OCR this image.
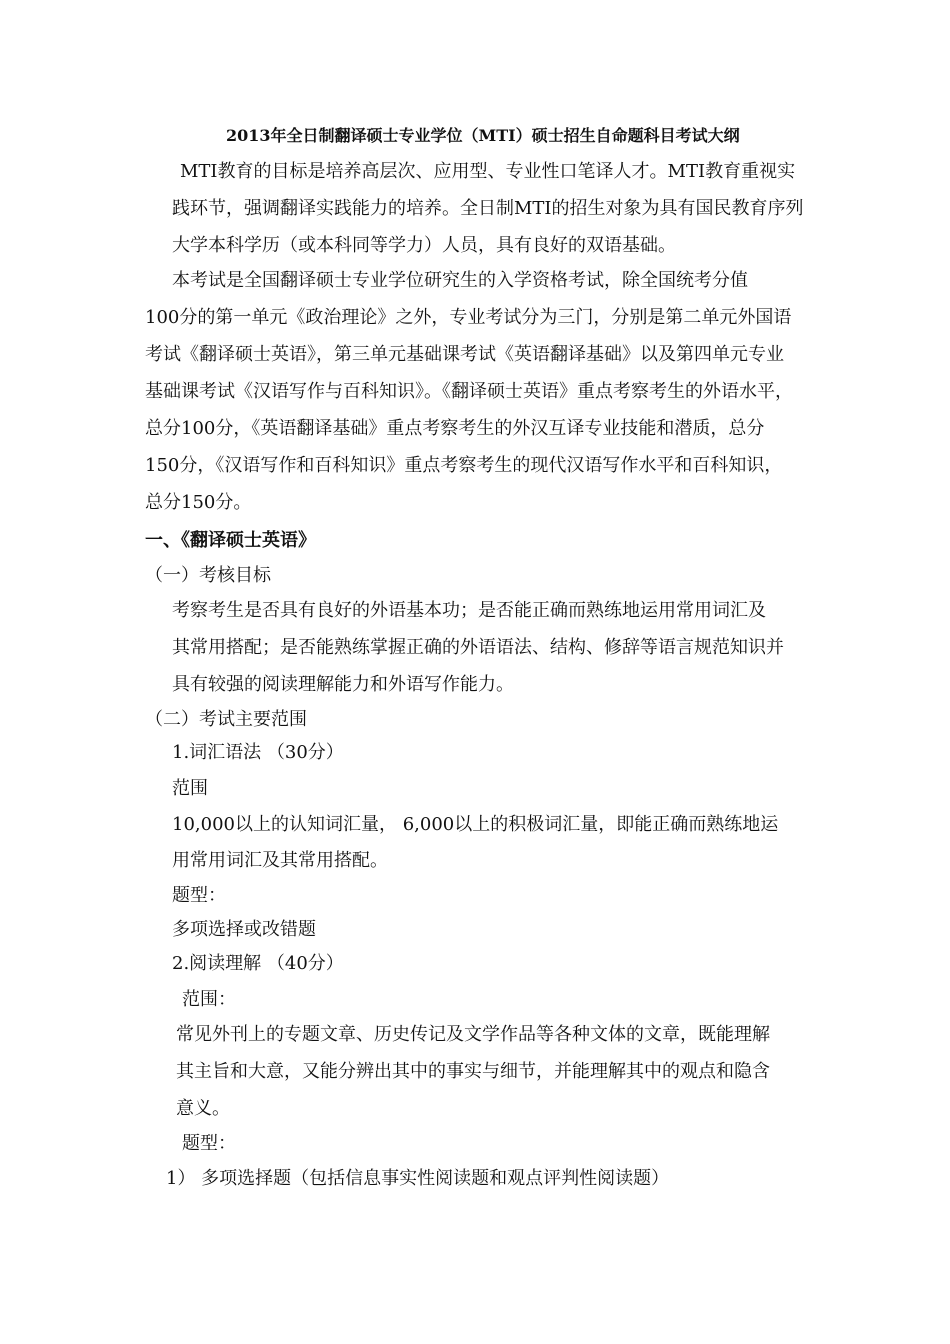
2013年全日制翻译硕士专业学位（MTI）硕士招生自命题科目考试大纲
MTI教育的目标是培养高层次、应用型、专业性口笔译人才。MTI教育重视实
践环节，强调翻译实践能力的培养。全日制MTI的招生对象为具有国民教育序列
大学本科学历（或本科同等学力）人员，具有良好的双语基础。
本考试是全国翻译硕士专业学位研究生的入学资格考试，除全国统考分值
100分的第一单元《政治理论》之外，专业考试分为三门，分别是第二单元外国语
考试《翻译硕士英语》，第三单元基础课考试《英语翻译基础》以及第四单元专业
基础课考试《汉语写作与百科知识》。《翻译硕士英语》重点考察考生的外语水平，
总分100分，《英语翻译基础》重点考察考生的外汉互译专业技能和潜质，总分
150分，《汉语写作和百科知识》重点考察考生的现代汉语写作水平和百科知识，
总分150分。
一、《翻译硕士英语》
（一）考核目标
考察考生是否具有良好的外语基本功；是否能正确而熟练地运用常用词汇及
其常用搭配；是否能熟练掌握正确的外语语法、结构、修辞等语言规范知识并
具有较强的阅读理解能力和外语写作能力。
（二）考试主要范围
1.词汇语法 （30分）
范围
10,000以上的认知词汇量， 6,000以上的积极词汇量，即能正确而熟练地运
用常用词汇及其常用搭配。
题型：
多项选择或改错题
2.阅读理解 （40分）
范围：
常见外刊上的专题文章、历史传记及文学作品等各种文体的文章，既能理解
其主旨和大意，又能分辨出其中的事实与细节，并能理解其中的观点和隐含
意义。
题型：
1） 多项选择题（包括信息事实性阅读题和观点评判性阅读题）
